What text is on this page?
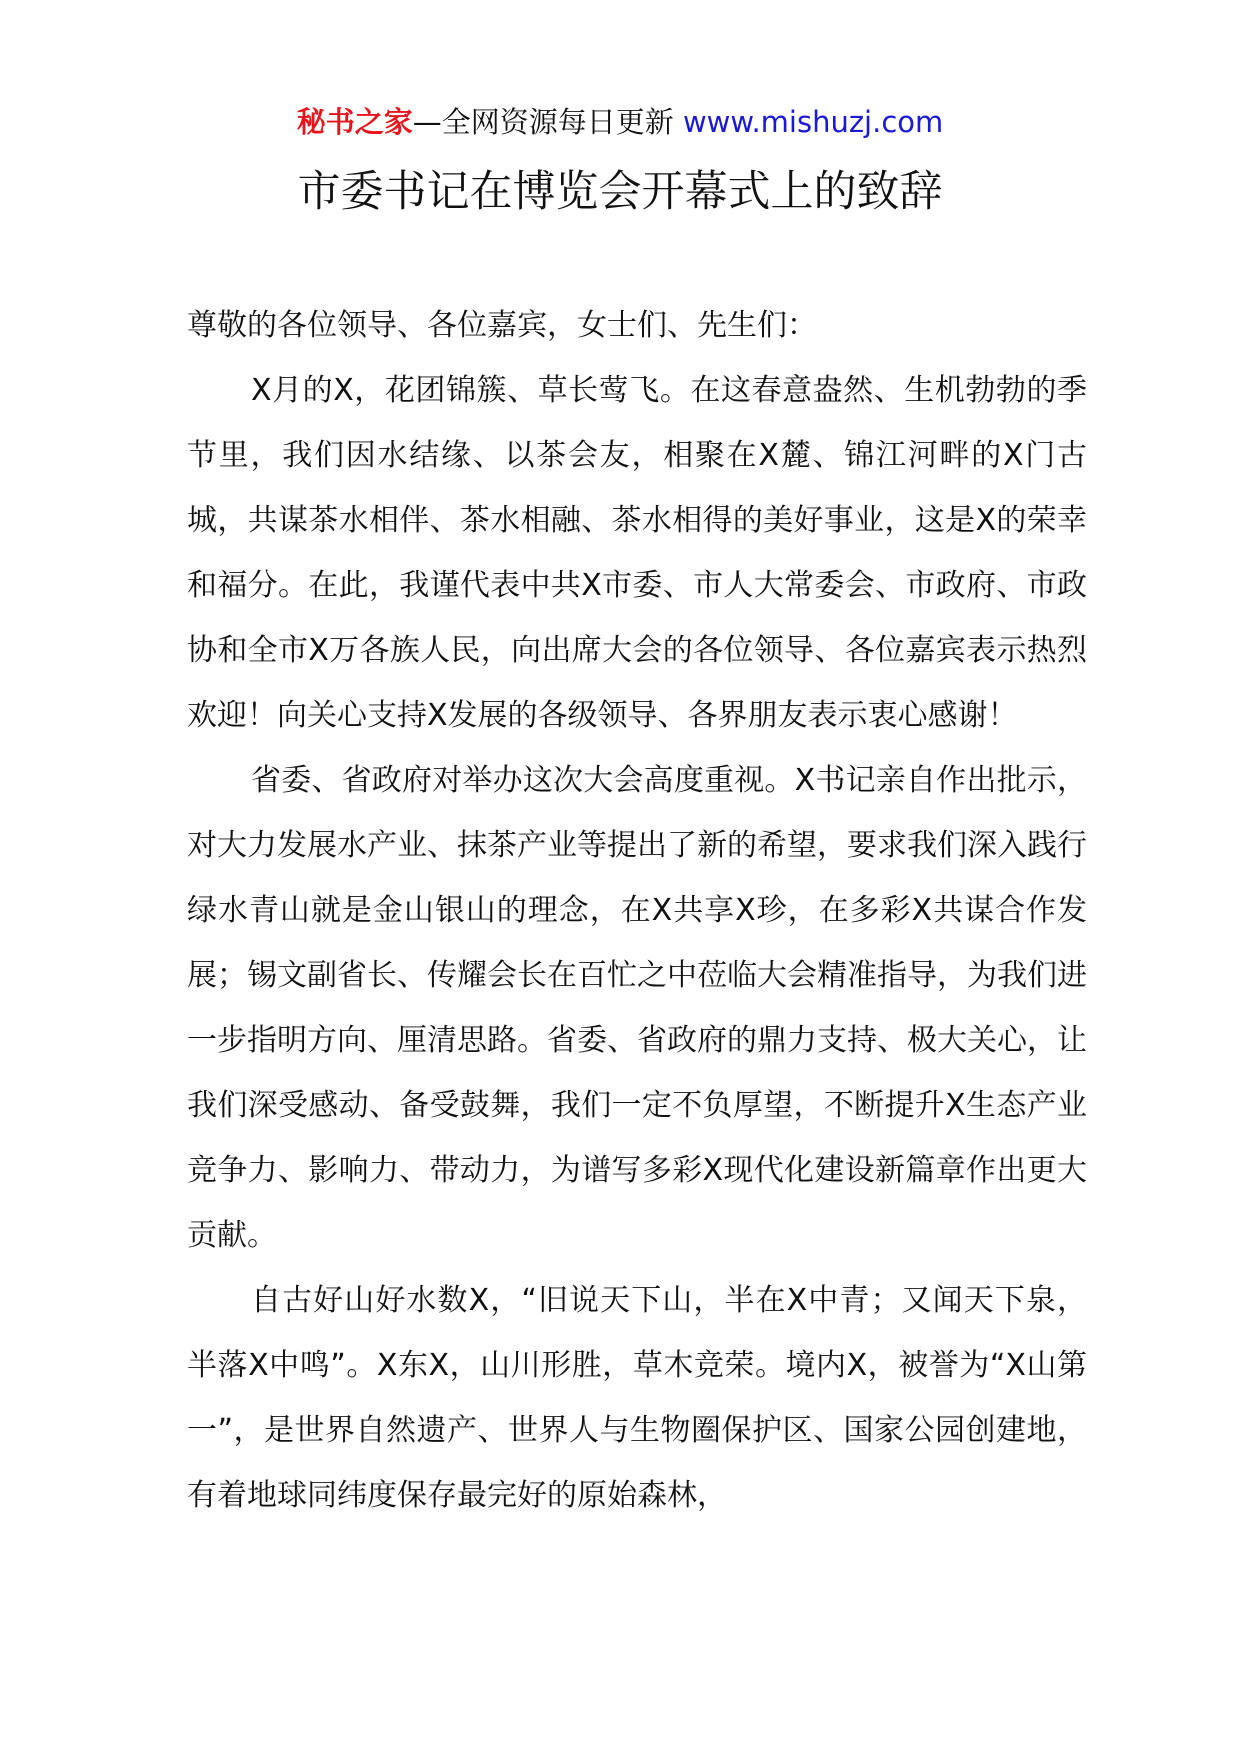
秘书之家—全网资源每日更新 www.mishuzj.com
市委书记在博览会开幕式上的致辞

尊敬的各位领导、各位嘉宾，女士们、先生们：

X月的X，花团锦簇、草长莺飞。在这春意盎然、生机勃勃的季节里，我们因水结缘、以茶会友，相聚在X麓、锦江河畔的X门古城，共谋茶水相伴、茶水相融、茶水相得的美好事业，这是X的荣幸和福分。在此，我谨代表中共X市委、市人大常委会、市政府、市政协和全市X万各族人民，向出席大会的各位领导、各位嘉宾表示热烈欢迎！向关心支持X发展的各级领导、各界朋友表示衷心感谢！

省委、省政府对举办这次大会高度重视。X书记亲自作出批示，对大力发展水产业、抹茶产业等提出了新的希望，要求我们深入践行绿水青山就是金山银山的理念，在X共享X珍，在多彩X共谋合作发展；锡文副省长、传耀会长在百忙之中莅临大会精准指导，为我们进一步指明方向、厘清思路。省委、省政府的鼎力支持、极大关心，让我们深受感动、备受鼓舞，我们一定不负厚望，不断提升X生态产业竞争力、影响力、带动力，为谱写多彩X现代化建设新篇章作出更大贡献。

自古好山好水数X，“旧说天下山，半在X中青；又闻天下泉，半落X中鸣”。X东X，山川形胜，草木竞荣。境内X，被誉为“X山第一”，是世界自然遗产、世界人与生物圈保护区、国家公园创建地，有着地球同纬度保存最完好的原始森林，
